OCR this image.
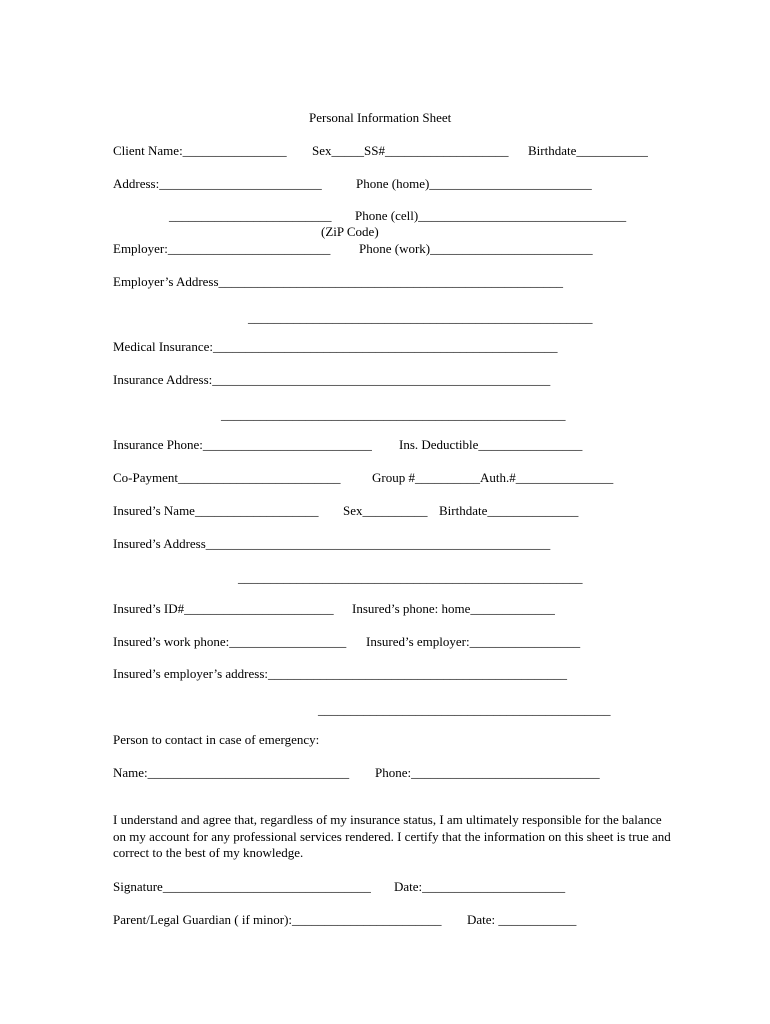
Personal Information Sheet
Client Name:________________ Sex_____SS#___________________ Birthdate___________
Address:_________________________	Phone (home)_________________________
_________________________ Phone (cell)________________________________
(ZiP Code)
Employer:_________________________ Phone (work)_________________________
Employer’s Address_____________________________________________________
_____________________________________________________
Medical Insurance:_____________________________________________________
Insurance Address:____________________________________________________
_____________________________________________________
Insurance Phone:__________________________ Ins. Deductible________________
Co-Payment_________________________ Group #__________Auth.#_______________
Insured’s Name___________________ Sex__________ Birthdate______________
Insured’s Address_____________________________________________________
_____________________________________________________
Insured’s ID#_______________________ Insured’s phone: home_____________
Insured’s work phone:__________________ Insured’s employer:_________________
Insured’s employer’s address:______________________________________________
_____________________________________________
Person to contact in case of emergency:
Name:_______________________________ Phone:_____________________________
I understand and agree that, regardless of my insurance status, I am ultimately responsible for the balance on my account for any professional services rendered. I certify that the information on this sheet is true and correct to the best of my knowledge.
Signature________________________________ Date:______________________
Parent/Legal Guardian ( if minor):_______________________ Date: ____________
